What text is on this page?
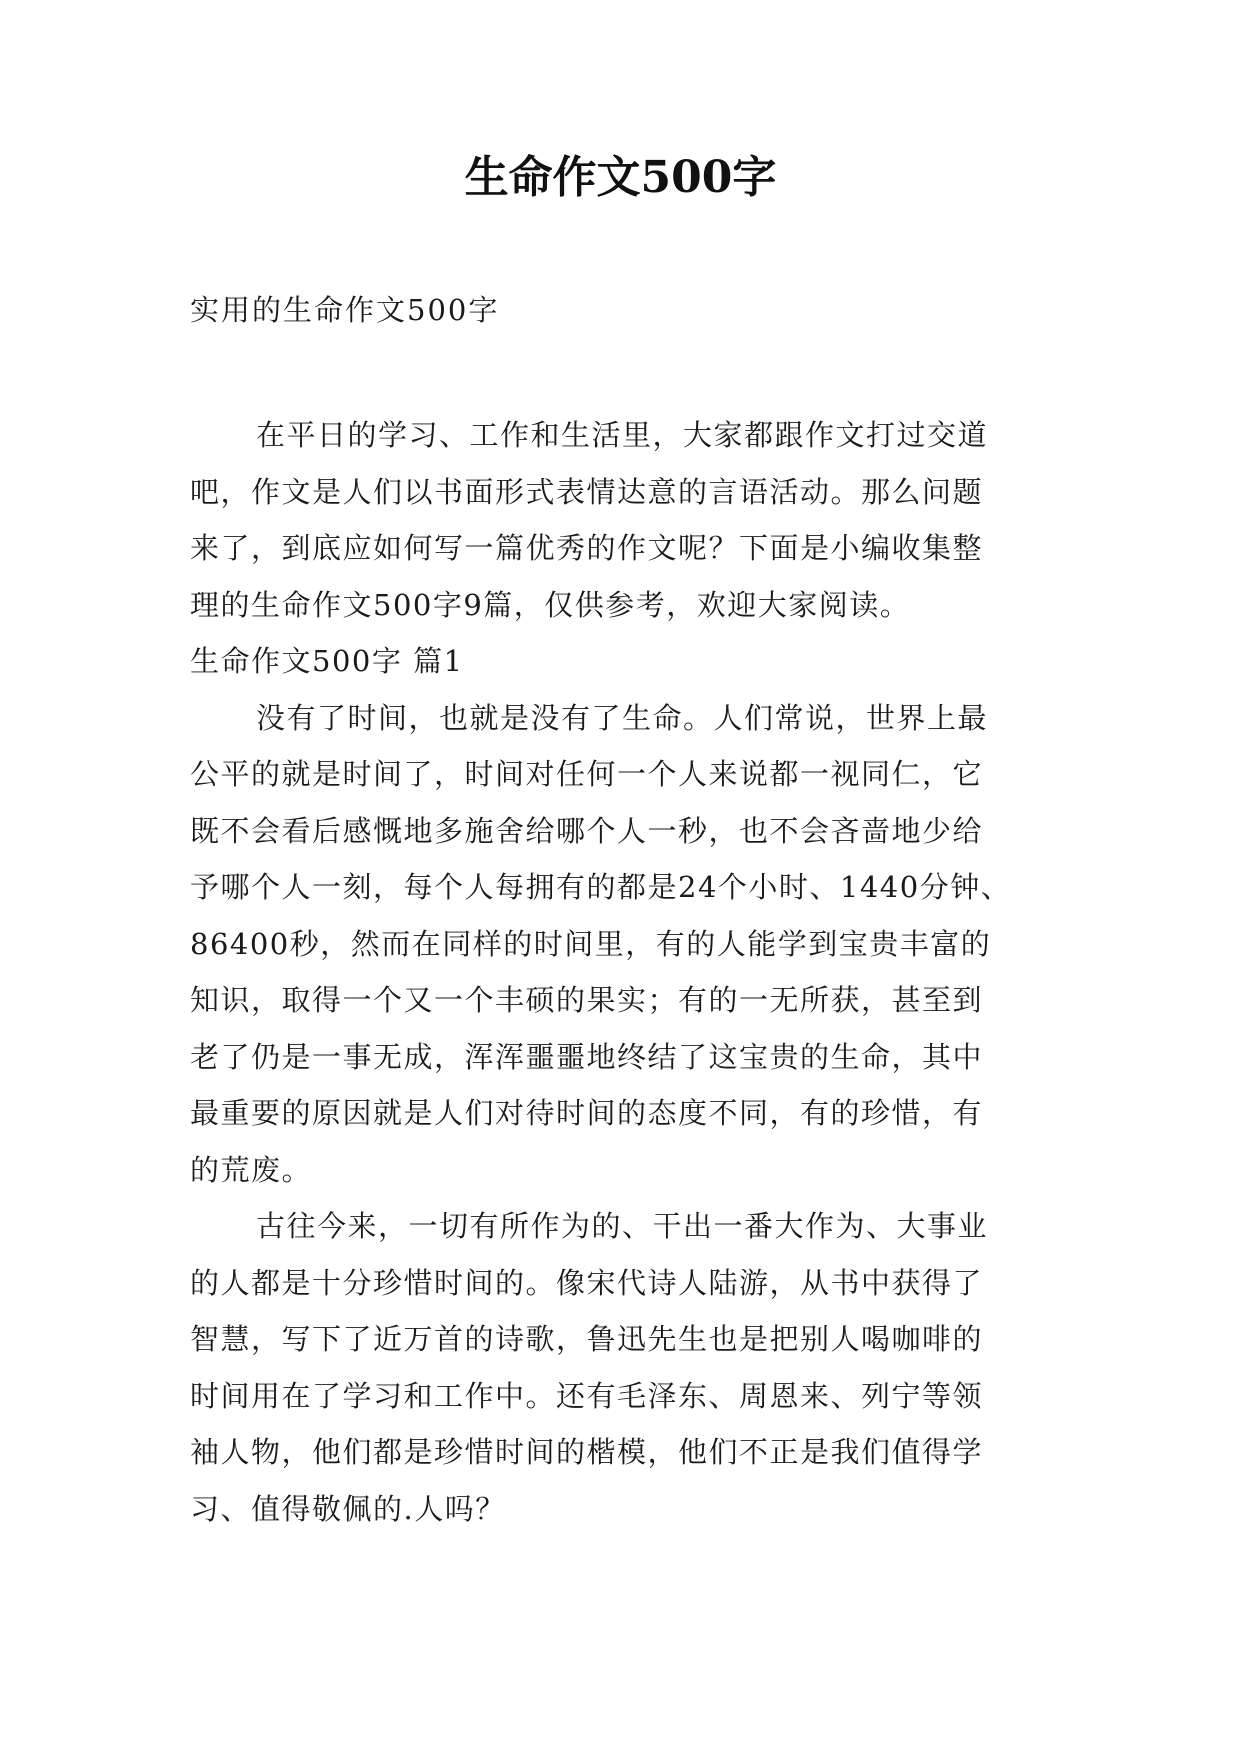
生命作文500字
实用的生命作文500字
在平日的学习、工作和生活里，大家都跟作文打过交道
吧，作文是人们以书面形式表情达意的言语活动。那么问题
来了，到底应如何写一篇优秀的作文呢？下面是小编收集整
理的生命作文500字9篇，仅供参考，欢迎大家阅读。
生命作文500字 篇1
没有了时间，也就是没有了生命。人们常说，世界上最
公平的就是时间了，时间对任何一个人来说都一视同仁，它
既不会看后感慨地多施舍给哪个人一秒，也不会吝啬地少给
予哪个人一刻，每个人每拥有的都是24个小时、1440分钟、
86400秒，然而在同样的时间里，有的人能学到宝贵丰富的
知识，取得一个又一个丰硕的果实；有的一无所获，甚至到
老了仍是一事无成，浑浑噩噩地终结了这宝贵的生命，其中
最重要的原因就是人们对待时间的态度不同，有的珍惜，有
的荒废。
古往今来，一切有所作为的、干出一番大作为、大事业
的人都是十分珍惜时间的。像宋代诗人陆游，从书中获得了
智慧，写下了近万首的诗歌，鲁迅先生也是把别人喝咖啡的
时间用在了学习和工作中。还有毛泽东、周恩来、列宁等领
袖人物，他们都是珍惜时间的楷模，他们不正是我们值得学
习、值得敬佩的.人吗？
